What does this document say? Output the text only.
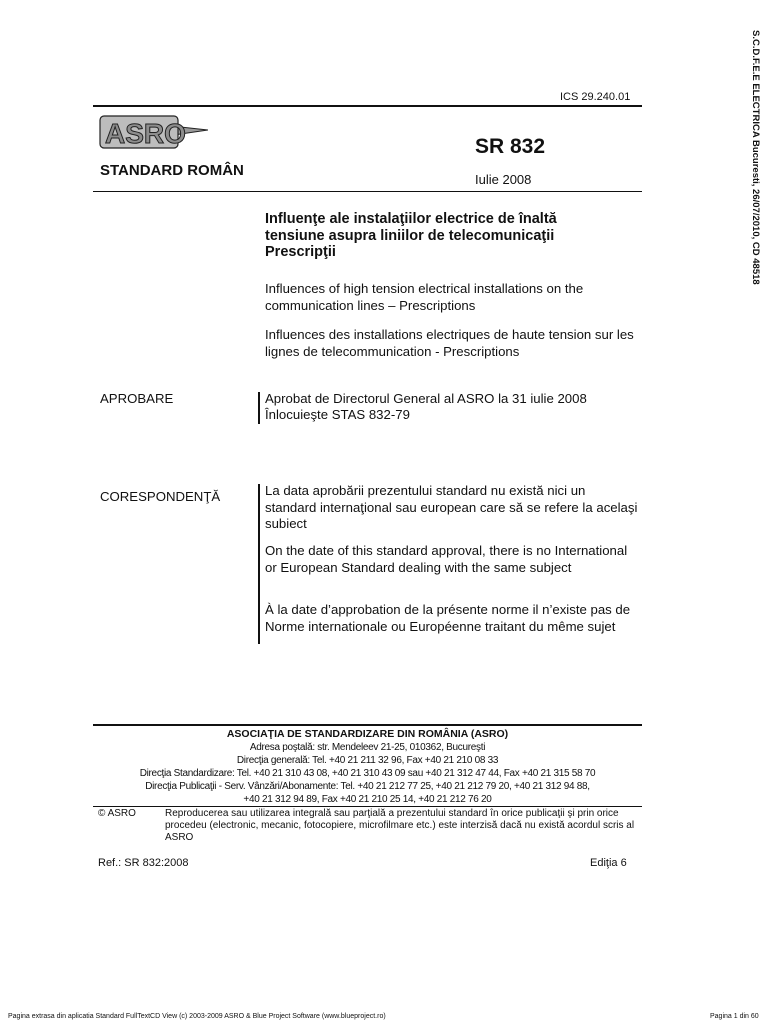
ICS 29.240.01
ASRO
STANDARD ROMÂN
SR 832
Iulie 2008
Influenţe ale instalaţiilor electrice de înaltă tensiune asupra liniilor de telecomunicaţii Prescripţii
Influences of high tension electrical installations on the communication lines – Prescriptions
Influences des installations electriques de haute tension sur les lignes de telecommunication - Prescriptions
APROBARE	Aprobat de Directorul General al ASRO la 31 iulie 2008
Înlocuieşte STAS 832-79
CORESPONDENŢĂ	La data aprobării prezentului standard nu există nici un standard internaţional sau european care să se refere la acelaşi subiect
On the date of this standard approval, there is no International or European Standard dealing with the same subject
À la date d’approbation de la présente norme il n’existe pas de Norme internationale ou Européenne traitant du même sujet
ASOCIAŢIA DE STANDARDIZARE DIN ROMÂNIA (ASRO)
Adresa poştală: str. Mendeleev 21-25, 010362, Bucureşti
Direcţia generală: Tel. +40 21 211 32 96, Fax +40 21 210 08 33
Direcţia Standardizare: Tel. +40 21 310 43 08, +40 21 310 43 09 sau +40 21 312 47 44, Fax +40 21 315 58 70
Direcţia Publicaţii - Serv. Vânzări/Abonamente: Tel. +40 21 212 77 25, +40 21 212 79 20, +40 21 312 94 88,
+40 21 312 94 89, Fax +40 21 210 25 14, +40 21 212 76 20
© ASRO	Reproducerea sau utilizarea integrală sau parţială a prezentului standard în orice publicaţii şi prin orice procedeu (electronic, mecanic, fotocopiere, microfilmare etc.) este interzisă dacă nu există acordul scris al ASRO
Ref.: SR 832:2008	Ediţia 6
Pagina extrasa din aplicatia Standard FullTextCD View (c) 2003-2009 ASRO & Blue Project Software (www.blueproject.ro)	Pagina 1 din 60
S.C.D.F.E.E ELECTRICA Bucuresti, 26/07/2010, CD 48518
